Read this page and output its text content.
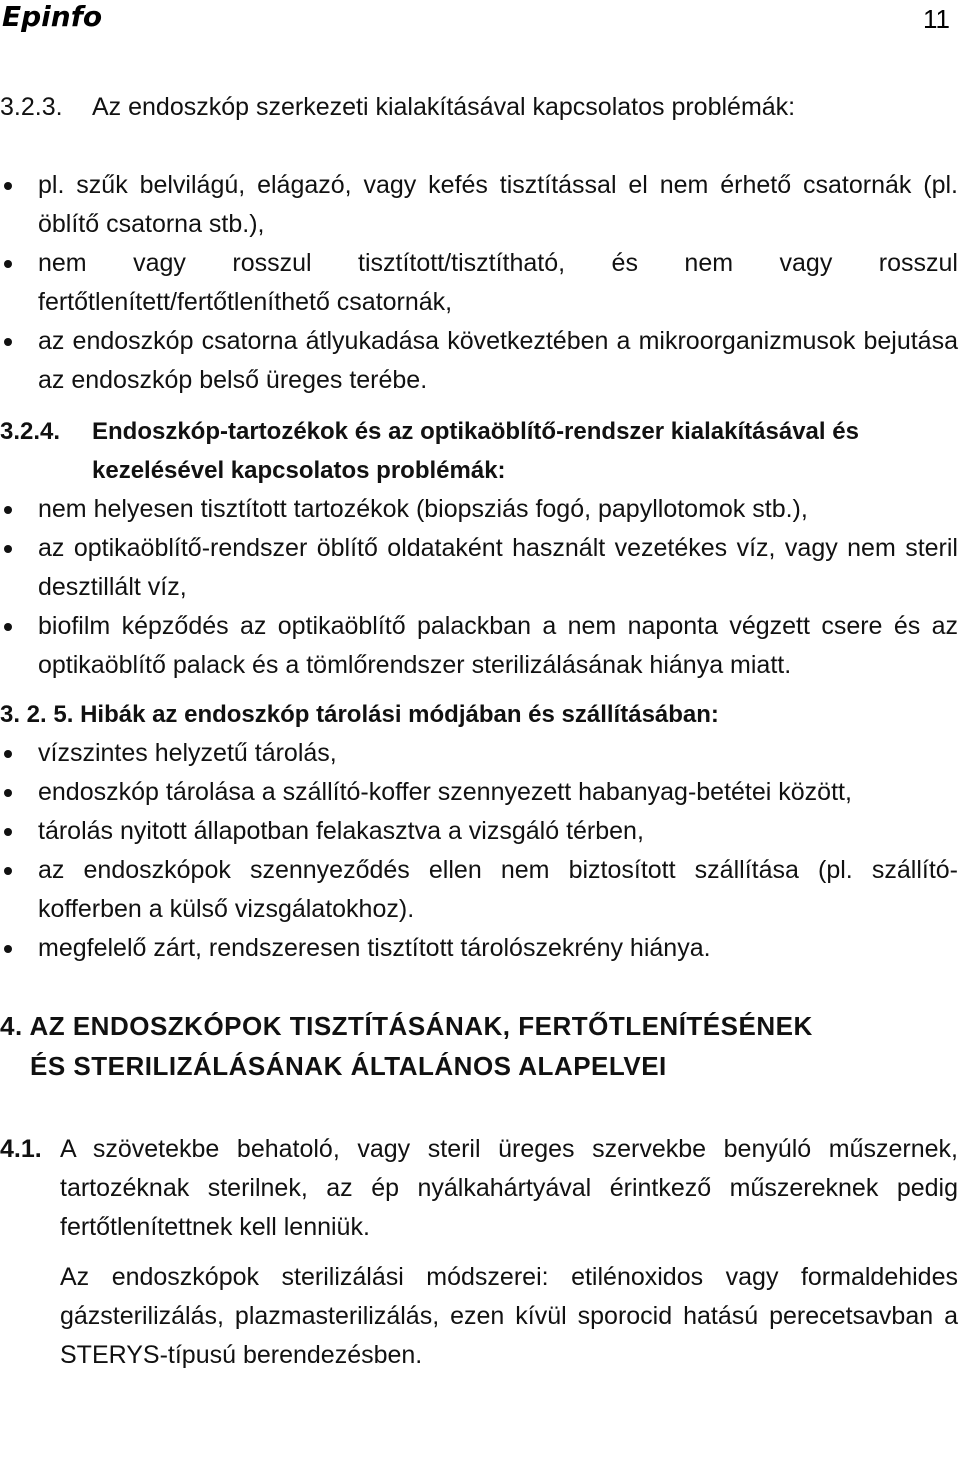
Epinfo	11
3.2.3.	Az endoszkóp szerkezeti kialakításával kapcsolatos problémák:
pl. szűk belvilágú, elágazó, vagy kefés tisztítással el nem érhető csatornák (pl. öblítő csatorna stb.),
nem vagy rosszul tisztított/tisztítható, és nem vagy rosszul fertőtlenített/fertőtleníthető csatornák,
az endoszkóp csatorna átlyukadása következtében a mikroorganizmusok bejutása az endoszkóp belső üreges terébe.
3.2.4.	Endoszkóp-tartozékok és az optikaöblítő-rendszer kialakításával és kezelésével kapcsolatos problémák:
nem helyesen tisztított tartozékok (biopsziás fogó, papyllotomok stb.),
az optikaöblítő-rendszer öblítő oldataként használt vezetékes víz, vagy nem steril desztillált víz,
biofilm képződés az optikaöblítő palackban a nem naponta végzett csere és az optikaöblítő palack és a tömlőrendszer sterilizálásának hiánya miatt.
3. 2. 5. Hibák az endoszkóp tárolási módjában és szállításában:
vízszintes helyzetű tárolás,
endoszkóp tárolása a szállító-koffer szennyezett habanyag-betétei között,
tárolás nyitott állapotban felakasztva a vizsgáló térben,
az endoszkópok szennyeződés ellen nem biztosított szállítása (pl. szállító-kofferben a külső vizsgálatokhoz).
megfelelő zárt, rendszeresen tisztított tárolószekrény hiánya.
4. AZ ENDOSZKÓPOK TISZTÍTÁSÁNAK, FERTŐTLENÍTÉSÉNEK
ÉS STERILIZÁLÁSÁNAK ÁLTALÁNOS ALAPELVEI
4.1. A szövetekbe behatoló, vagy steril üreges szervekbe benyúló műszernek, tartozéknak sterilnek, az ép nyálkahártyával érintkező műszereknek pedig fertőtlenítettnek kell lenniük.
Az endoszkópok sterilizálási módszerei: etilénoxidos vagy formaldehides gázsterilizálás, plazmasterilizálás, ezen kívül sporocid hatású perecetsavban a STERYS-típusú berendezésben.
